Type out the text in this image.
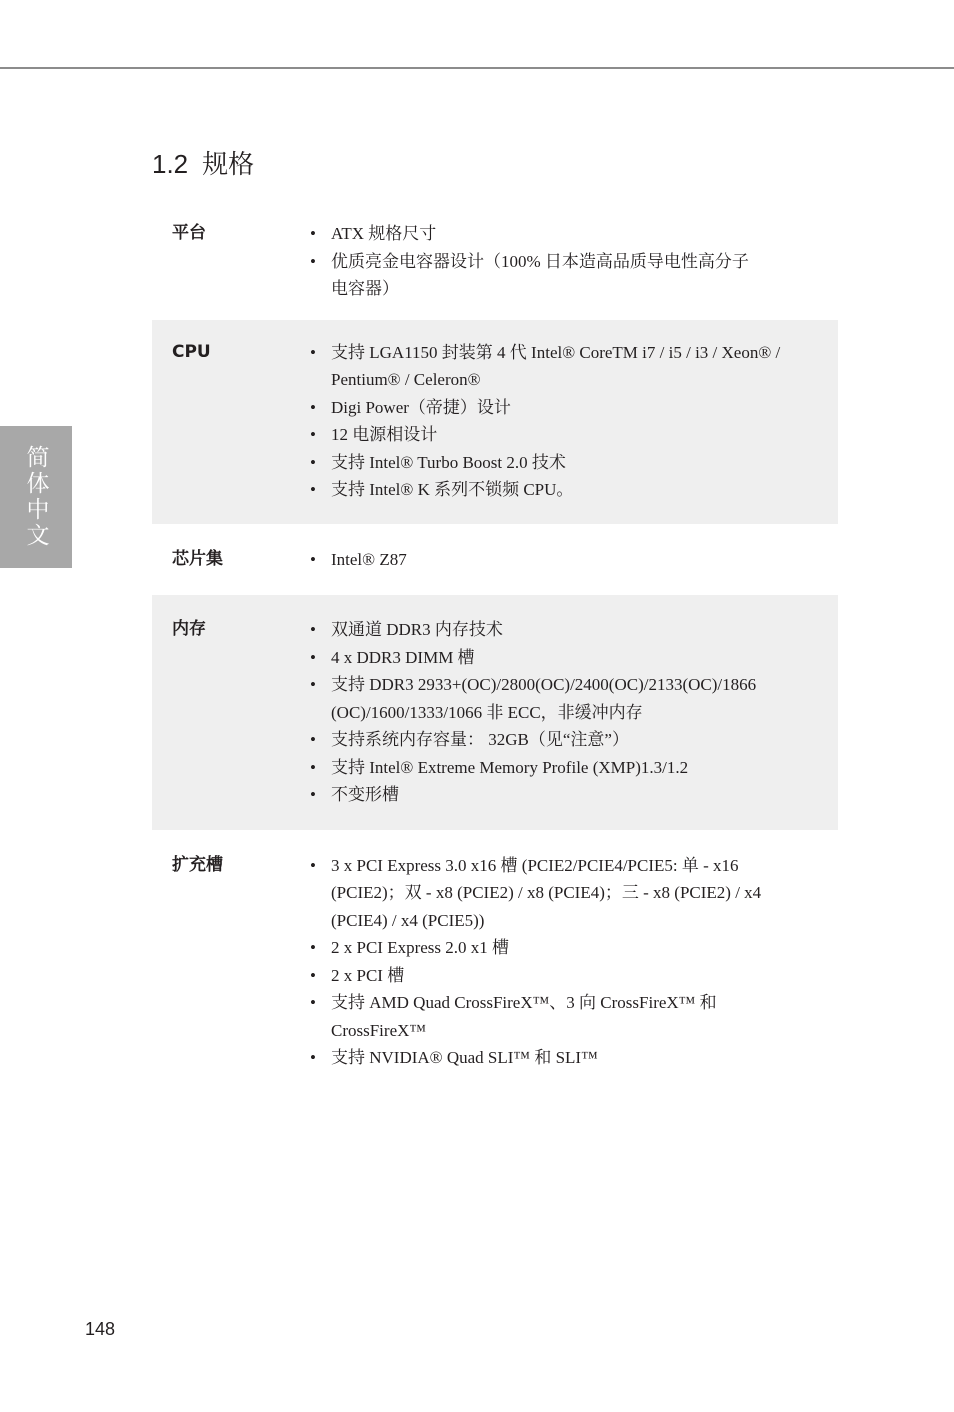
简体中文
1.2 规格
平台	• ATX 规格尺寸
• 优质亮金电容器设计（100% 日本造高品质导电性高分子
电容器）
CPU	• 支持 LGA1150 封装第 4 代 Intel® CoreTM i7 / i5 / i3 / Xeon® /
Pentium® / Celeron®
• Digi Power（帝捷）设计
• 12 电源相设计
• 支持 Intel® Turbo Boost 2.0 技术
• 支持 Intel® K 系列不锁频 CPU。
芯片集	• Intel® Z87
内存	• 双通道 DDR3 内存技术
• 4 x DDR3 DIMM 槽
• 支持 DDR3 2933+(OC)/2800(OC)/2400(OC)/2133(OC)/1866
(OC)/1600/1333/1066 非 ECC，非缓冲内存
• 支持系统内存容量： 32GB（见“注意”）
• 支持 Intel® Extreme Memory Profile (XMP)1.3/1.2
• 不变形槽
扩充槽	• 3 x PCI Express 3.0 x16 槽 (PCIE2/PCIE4/PCIE5: 单 - x16
(PCIE2)；双 - x8 (PCIE2) / x8 (PCIE4)；三 - x8 (PCIE2) / x4
(PCIE4) / x4 (PCIE5))
• 2 x PCI Express 2.0 x1 槽
• 2 x PCI 槽
• 支持 AMD Quad CrossFireX™、3 向 CrossFireX™ 和
CrossFireX™
• 支持 NVIDIA® Quad SLI™ 和 SLI™
148
